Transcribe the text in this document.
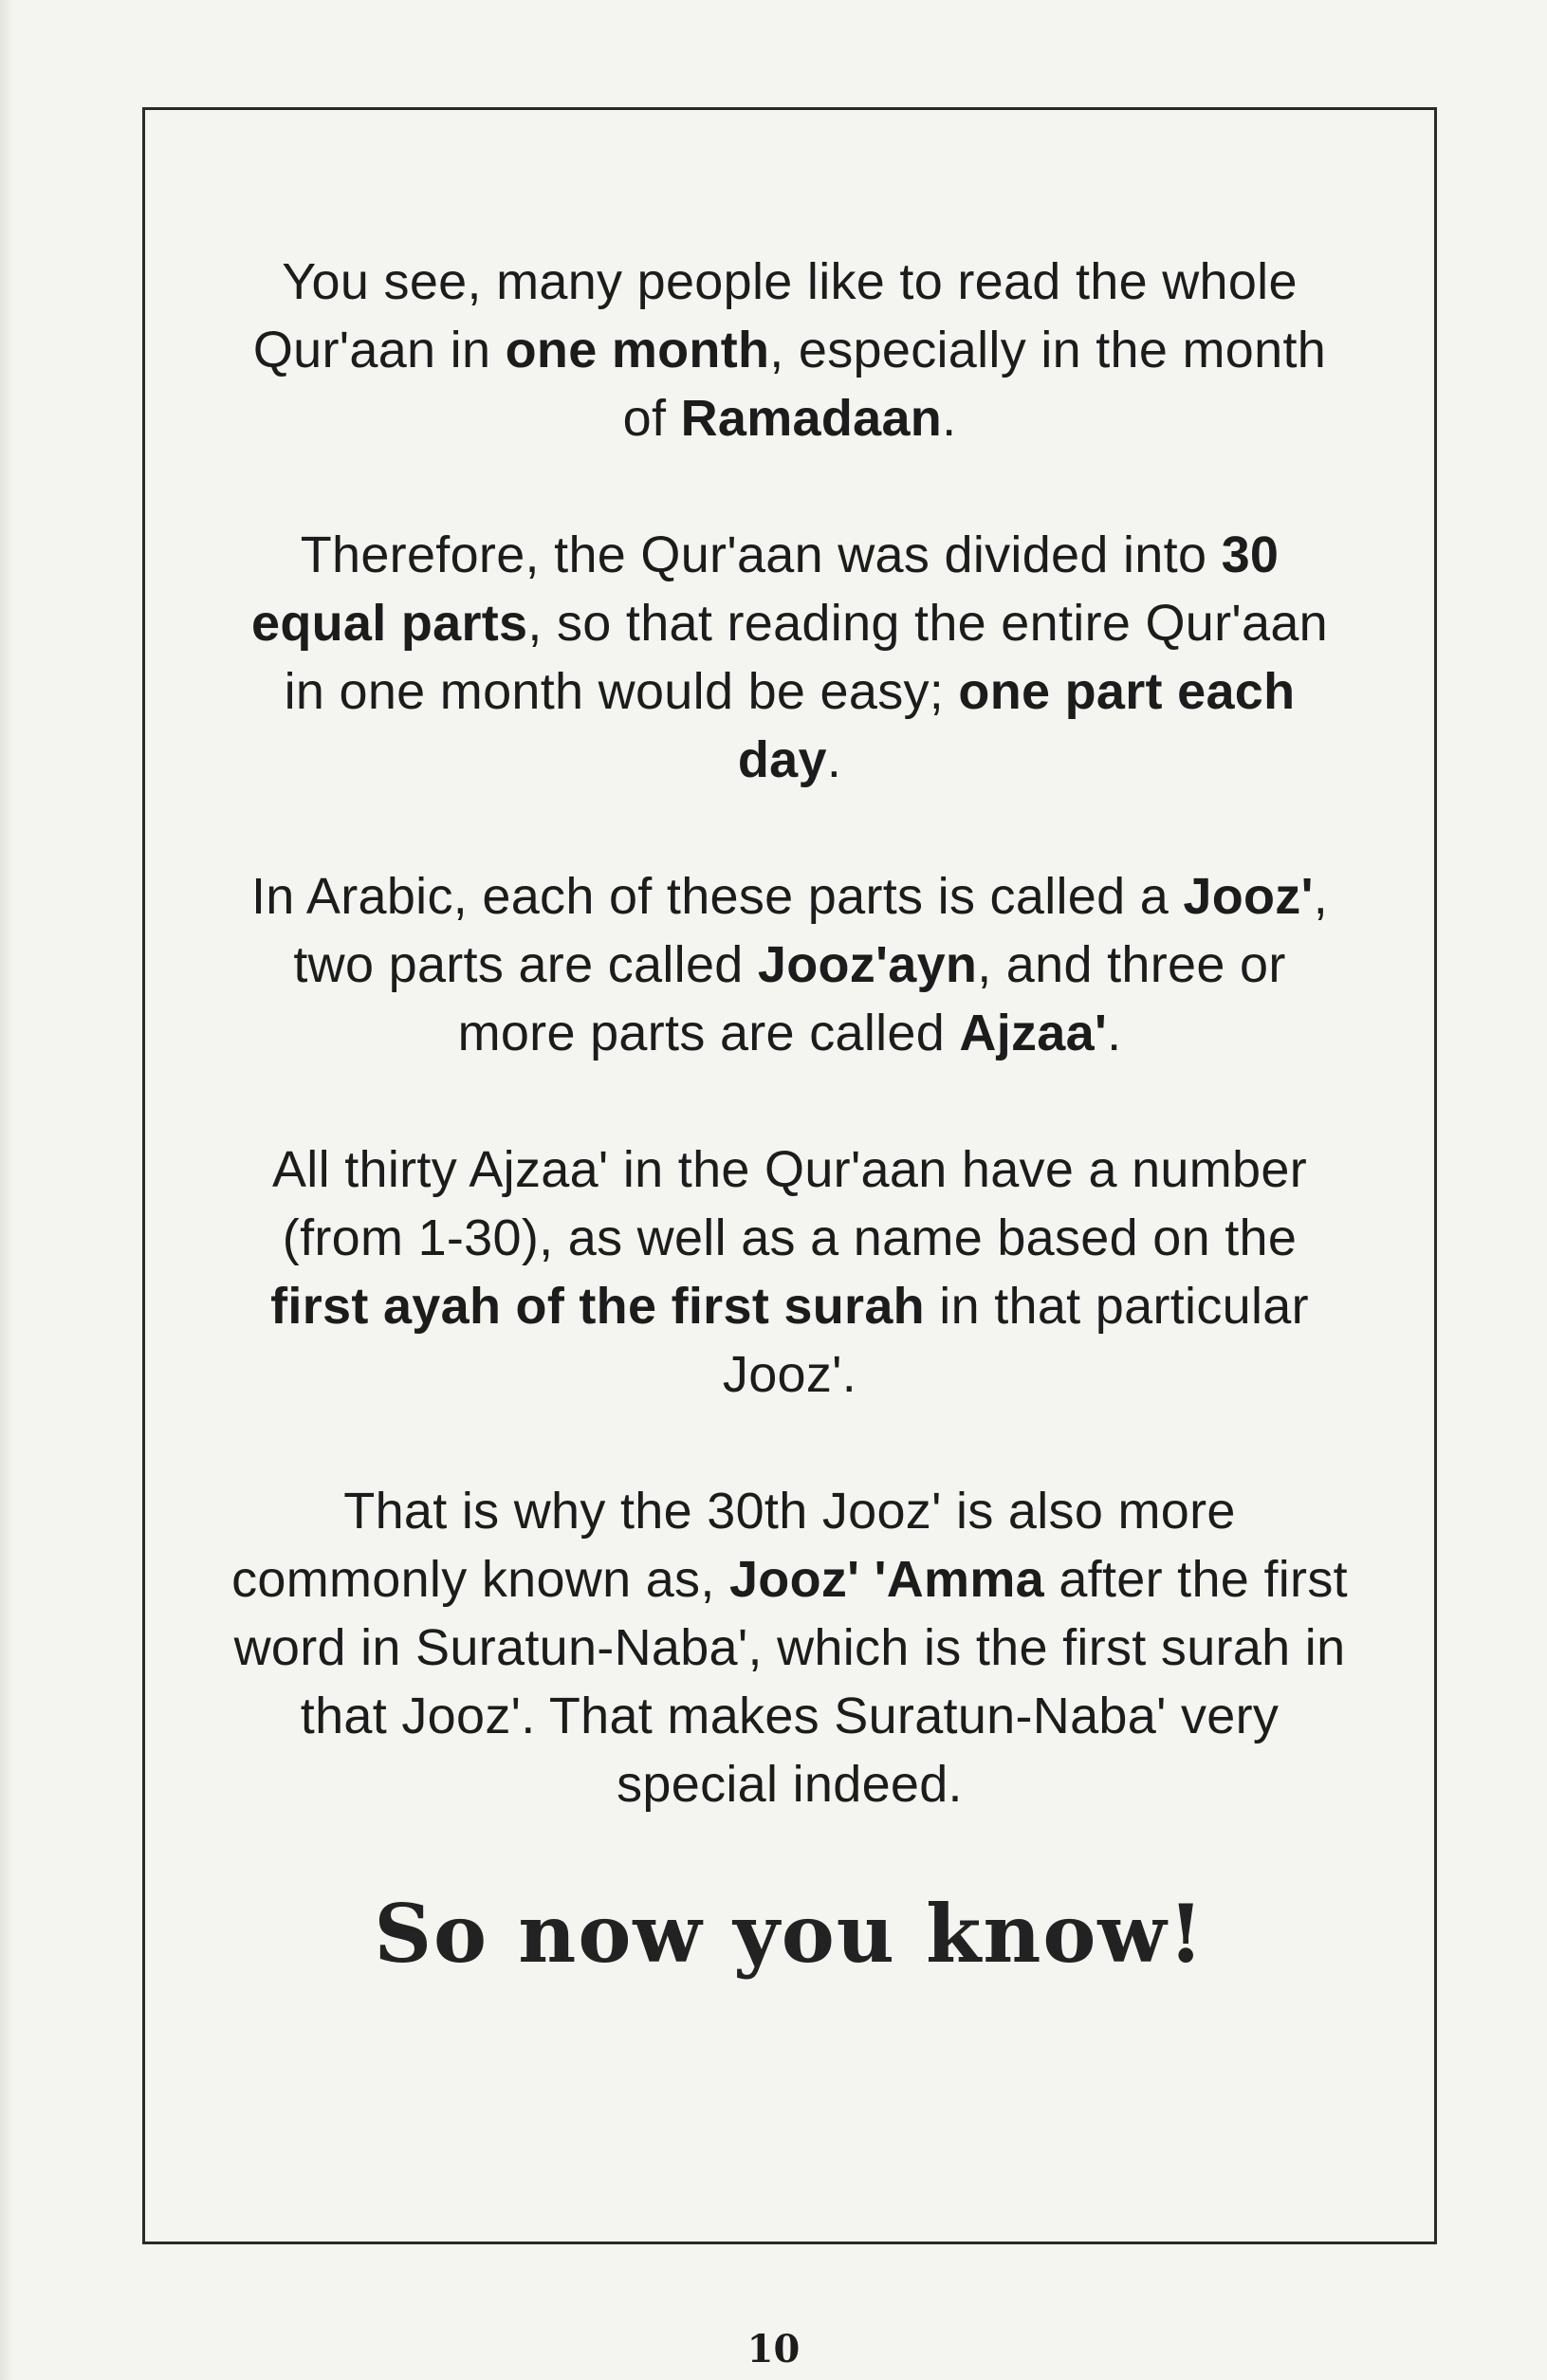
You see, many people like to read the whole Qur'aan in one month, especially in the month of Ramadaan.

Therefore, the Qur'aan was divided into 30 equal parts, so that reading the entire Qur'aan in one month would be easy; one part each day.

In Arabic, each of these parts is called a Jooz', two parts are called Jooz'ayn, and three or more parts are called Ajzaa'.

All thirty Ajzaa' in the Qur'aan have a number (from 1-30), as well as a name based on the first ayah of the first surah in that particular Jooz'.

That is why the 30th Jooz' is also more commonly known as, Jooz' 'Amma after the first word in Suratun-Naba', which is the first surah in that Jooz'. That makes Suratun-Naba' very special indeed.

So now you know!
10
